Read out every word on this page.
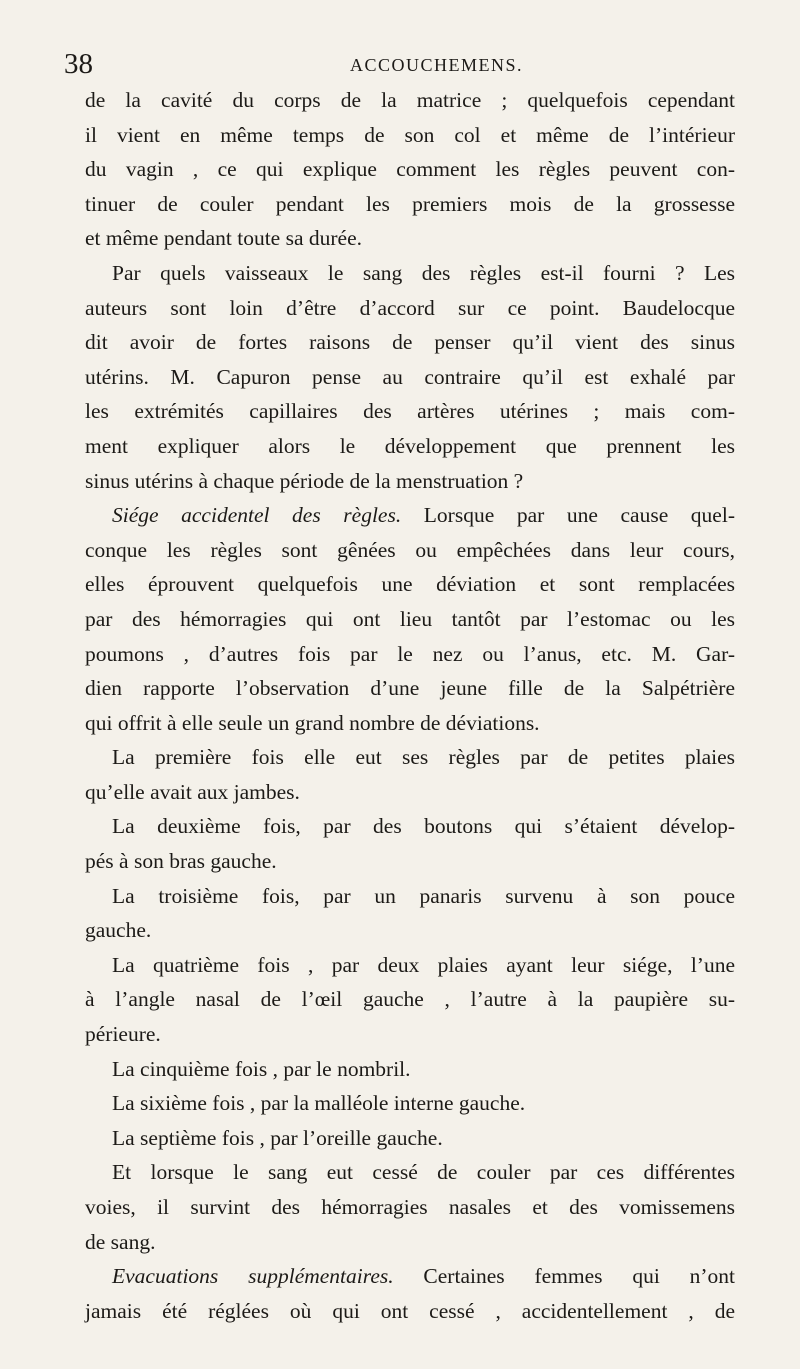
38	ACCOUCHEMENS.
de la cavité du corps de la matrice ; quelquefois cependant
il vient en même temps de son col et même de l’intérieur
du vagin , ce qui explique comment les règles peuvent con-
tinuer de couler pendant les premiers mois de la grossesse
et même pendant toute sa durée.
Par quels vaisseaux le sang des règles est-il fourni ? Les
auteurs sont loin d’être d’accord sur ce point. Baudelocque
dit avoir de fortes raisons de penser qu’il vient des sinus
utérins. M. Capuron pense au contraire qu’il est exhalé par
les extrémités capillaires des artères utérines ; mais com-
ment expliquer alors le développement que prennent les
sinus utérins à chaque période de la menstruation ?
Siége accidentel des règles. Lorsque par une cause quel-
conque les règles sont gênées ou empêchées dans leur cours,
elles éprouvent quelquefois une déviation et sont remplacées
par des hémorragies qui ont lieu tantôt par l’estomac ou les
poumons , d’autres fois par le nez ou l’anus, etc. M. Gar-
dien rapporte l’observation d’une jeune fille de la Salpétrière
qui offrit à elle seule un grand nombre de déviations.
La première fois elle eut ses règles par de petites plaies
qu’elle avait aux jambes.
La deuxième fois, par des boutons qui s’étaient dévelop-
pés à son bras gauche.
La troisième fois, par un panaris survenu à son pouce
gauche.
La quatrième fois , par deux plaies ayant leur siége, l’une
à l’angle nasal de l’œil gauche , l’autre à la paupière su-
périeure.
La cinquième fois , par le nombril.
La sixième fois , par la malléole interne gauche.
La septième fois , par l’oreille gauche.
Et lorsque le sang eut cessé de couler par ces différentes
voies, il survint des hémorragies nasales et des vomissemens
de sang.
Evacuations supplémentaires. Certaines femmes qui n’ont
jamais été réglées où qui ont cessé , accidentellement , de
